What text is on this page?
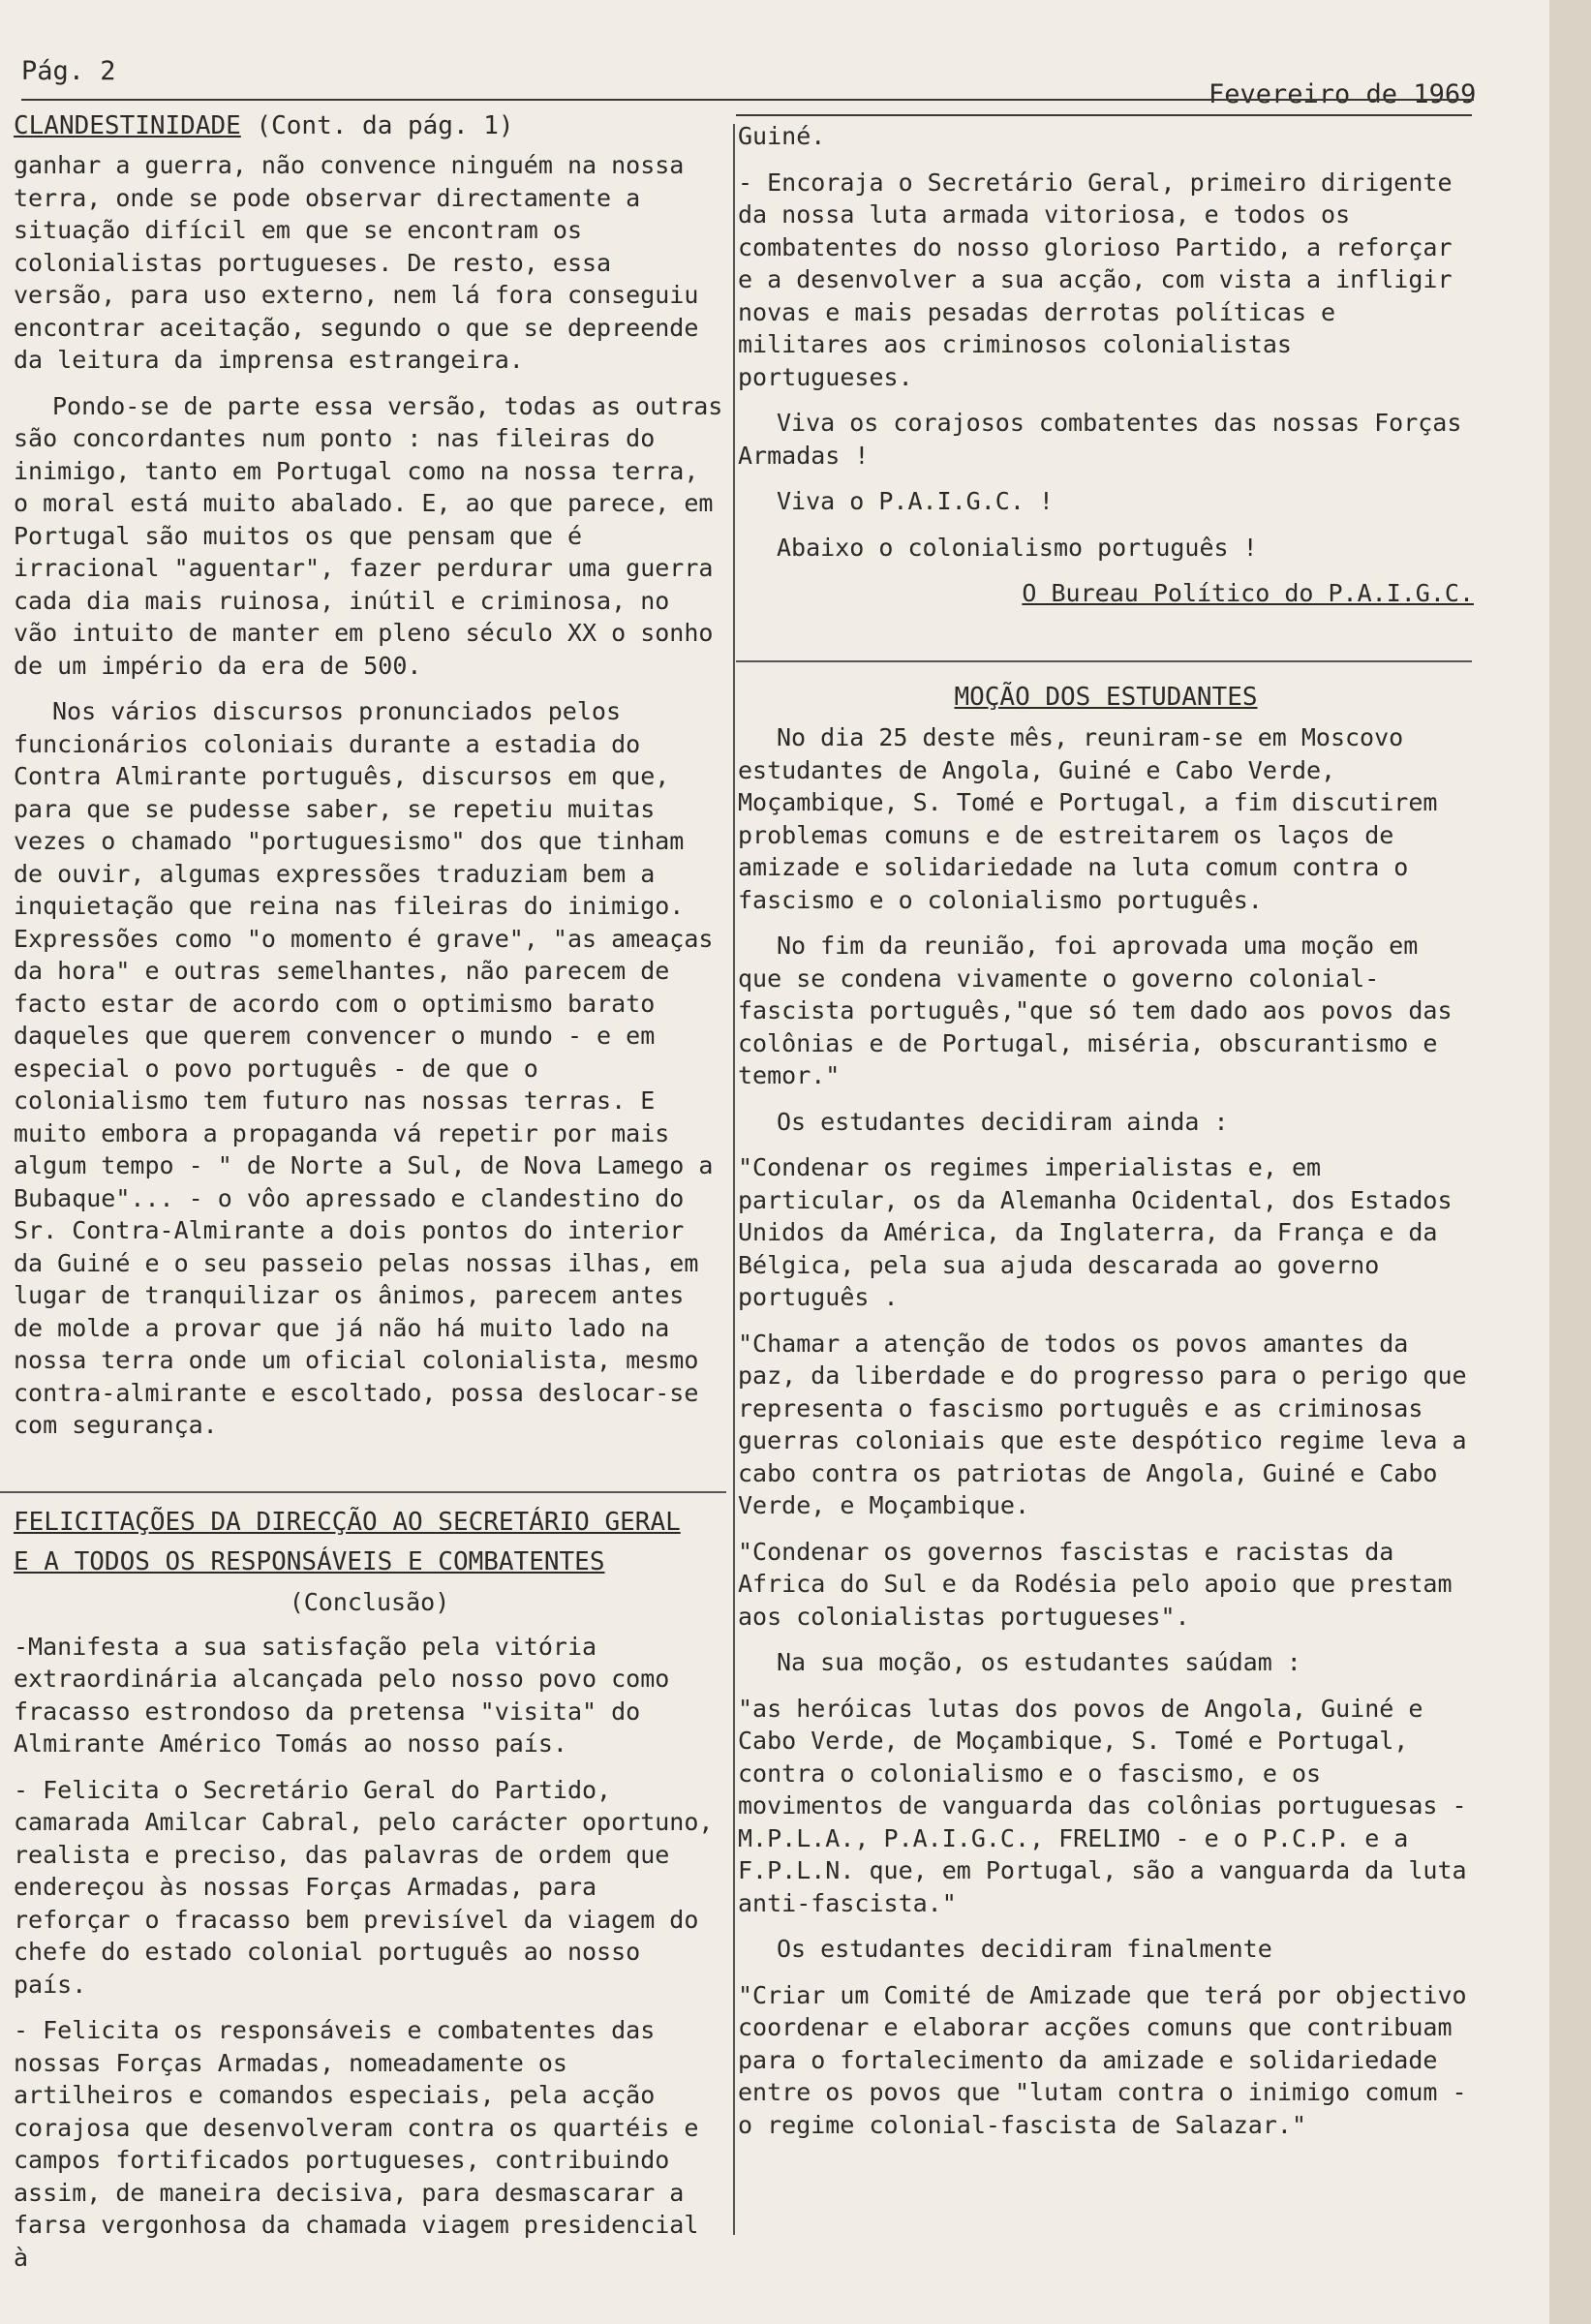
Pág. 2
Fevereiro de 1969
CLANDESTINIDADE (Cont. da pág. 1)

ganhar a guerra, não convence ninguém na nossa terra, onde se pode observar directamente a situação difícil em que se encontram os colonialistas portugueses. De resto, essa versão, para uso externo, nem lá fora conseguiu encontrar aceitação, segundo o que se depreende da leitura da imprensa estrangeira.

Pondo-se de parte essa versão, todas as outras são concordantes num ponto : nas fileiras do inimigo, tanto em Portugal como na nossa terra, o moral está muito abalado. E, ao que parece, em Portugal são muitos os que pensam que é irracional "aguentar", fazer perdurar uma guerra cada dia mais ruinosa, inútil e criminosa, no vão intuito de manter em pleno século XX o sonho de um império da era de 500.

Nos vários discursos pronunciados pelos funcionários coloniais durante a estadia do Contra Almirante português, discursos em que, para que se pudesse saber, se repetiu muitas vezes o chamado "portuguesismo" dos que tinham de ouvir, algumas expressões traduziam bem a inquietação que reina nas fileiras do inimigo. Expressões como "o momento é grave", "as ameaças da hora" e outras semelhantes, não parecem de facto estar de acordo com o optimismo barato daqueles que querem convencer o mundo - e em especial o povo português - de que o colonialismo tem futuro nas nossas terras. E muito embora a propaganda vá repetir por mais algum tempo - " de Norte a Sul, de Nova Lamego a Bubaque"... - o vôo apressado e clandestino do Sr. Contra-Almirante a dois pontos do interior da Guiné e o seu passeio pelas nossas ilhas, em lugar de tranquilizar os ânimos, parecem antes de molde a provar que já não há muito lado na nossa terra onde um oficial colonialista, mesmo contra-almirante e escoltado, possa deslocar-se com segurança.

FELICITAÇÕES DA DIRECÇÃO AO SECRETÁRIO GERAL
E A TODOS OS RESPONSÁVEIS E COMBATENTES
(Conclusão)

-Manifesta a sua satisfação pela vitória extraordinária alcançada pelo nosso povo como fracasso estrondoso da pretensa "visita" do Almirante Américo Tomás ao nosso país.

- Felicita o Secretário Geral do Partido, camarada Amilcar Cabral, pelo carácter oportuno, realista e preciso, das palavras de ordem que endereçou às nossas Forças Armadas, para reforçar o fracasso bem previsível da viagem do chefe do estado colonial português ao nosso país.

- Felicita os responsáveis e combatentes das nossas Forças Armadas, nomeadamente os artilheiros e comandos especiais, pela acção corajosa que desenvolveram contra os quartéis e campos fortificados portugueses, contribuindo assim, de maneira decisiva, para desmascarar a farsa vergonhosa da chamada viagem presidencial à

Guiné.

- Encoraja o Secretário Geral, primeiro dirigente da nossa luta armada vitoriosa, e todos os combatentes do nosso glorioso Partido, a reforçar e a desenvolver a sua acção, com vista a infligir novas e mais pesadas derrotas políticas e militares aos criminosos colonialistas portugueses.

Viva os corajosos combatentes das nossas Forças Armadas !

Viva o P.A.I.G.C. !

Abaixo o colonialismo português !

O Bureau Político do P.A.I.G.C.

MOÇÃO DOS ESTUDANTES

No dia 25 deste mês, reuniram-se em Moscovo estudantes de Angola, Guiné e Cabo Verde, Moçambique, S. Tomé e Portugal, a fim discutirem problemas comuns e de estreitarem os laços de amizade e solidariedade na luta comum contra o fascismo e o colonialismo português.

No fim da reunião, foi aprovada uma moção em que se condena vivamente o governo colonial-fascista português,"que só tem dado aos povos das colônias e de Portugal, miséria, obscurantismo e temor."

Os estudantes decidiram ainda :

"Condenar os regimes imperialistas e, em particular, os da Alemanha Ocidental, dos Estados Unidos da América, da Inglaterra, da França e da Bélgica, pela sua ajuda descarada ao governo português .

"Chamar a atenção de todos os povos amantes da paz, da liberdade e do progresso para o perigo que representa o fascismo português e as criminosas guerras coloniais que este despótico regime leva a cabo contra os patriotas de Angola, Guiné e Cabo Verde, e Moçambique.

"Condenar os governos fascistas e racistas da Africa do Sul e da Rodésia pelo apoio que prestam aos colonialistas portugueses".

Na sua moção, os estudantes saúdam :

"as heróicas lutas dos povos de Angola, Guiné e Cabo Verde, de Moçambique, S. Tomé e Portugal, contra o colonialismo e o fascismo, e os movimentos de vanguarda das colônias portuguesas - M.P.L.A., P.A.I.G.C., FRELIMO - e o P.C.P. e a F.P.L.N. que, em Portugal, são a vanguarda da luta anti-fascista."

Os estudantes decidiram finalmente

"Criar um Comité de Amizade que terá por objectivo coordenar e elaborar acções comuns que contribuam para o fortalecimento da amizade e solidariedade entre os povos que "lutam contra o inimigo comum - o regime colonial-fascista de Salazar."
